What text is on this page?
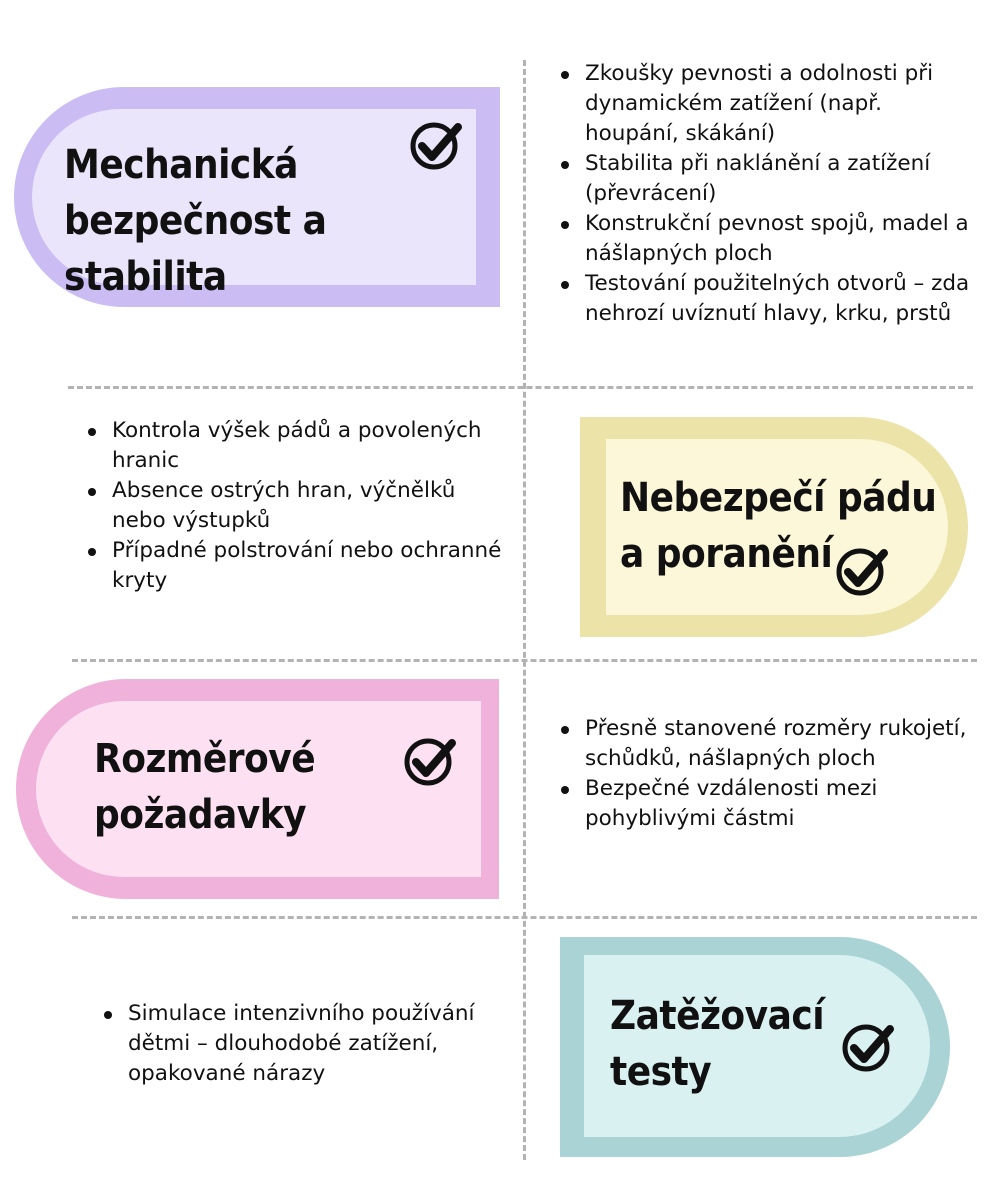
Mechanická
bezpečnost a stabilita
Zkoušky pevnosti a odolnosti při dynamickém zatížení (např. houpání, skákání)
Stabilita při naklánění a zatížení (převrácení)
Konstrukční pevnost spojů, madel a nášlapných ploch
Testování použitelných otvorů – zda nehrozí uvíznutí hlavy, krku, prstů
Kontrola výšek pádů a povolených hranic
Absence ostrých hran, výčnělků nebo výstupků
Případné polstrování nebo ochranné kryty
Nebezpečí pádu
a poranění
Rozměrové
požadavky
Přesně stanovené rozměry rukojetí, schůdků, nášlapných ploch
Bezpečné vzdálenosti mezi pohyblivými částmi
Simulace intenzivního používání dětmi – dlouhodobé zatížení, opakované nárazy
Zatěžovací
testy
